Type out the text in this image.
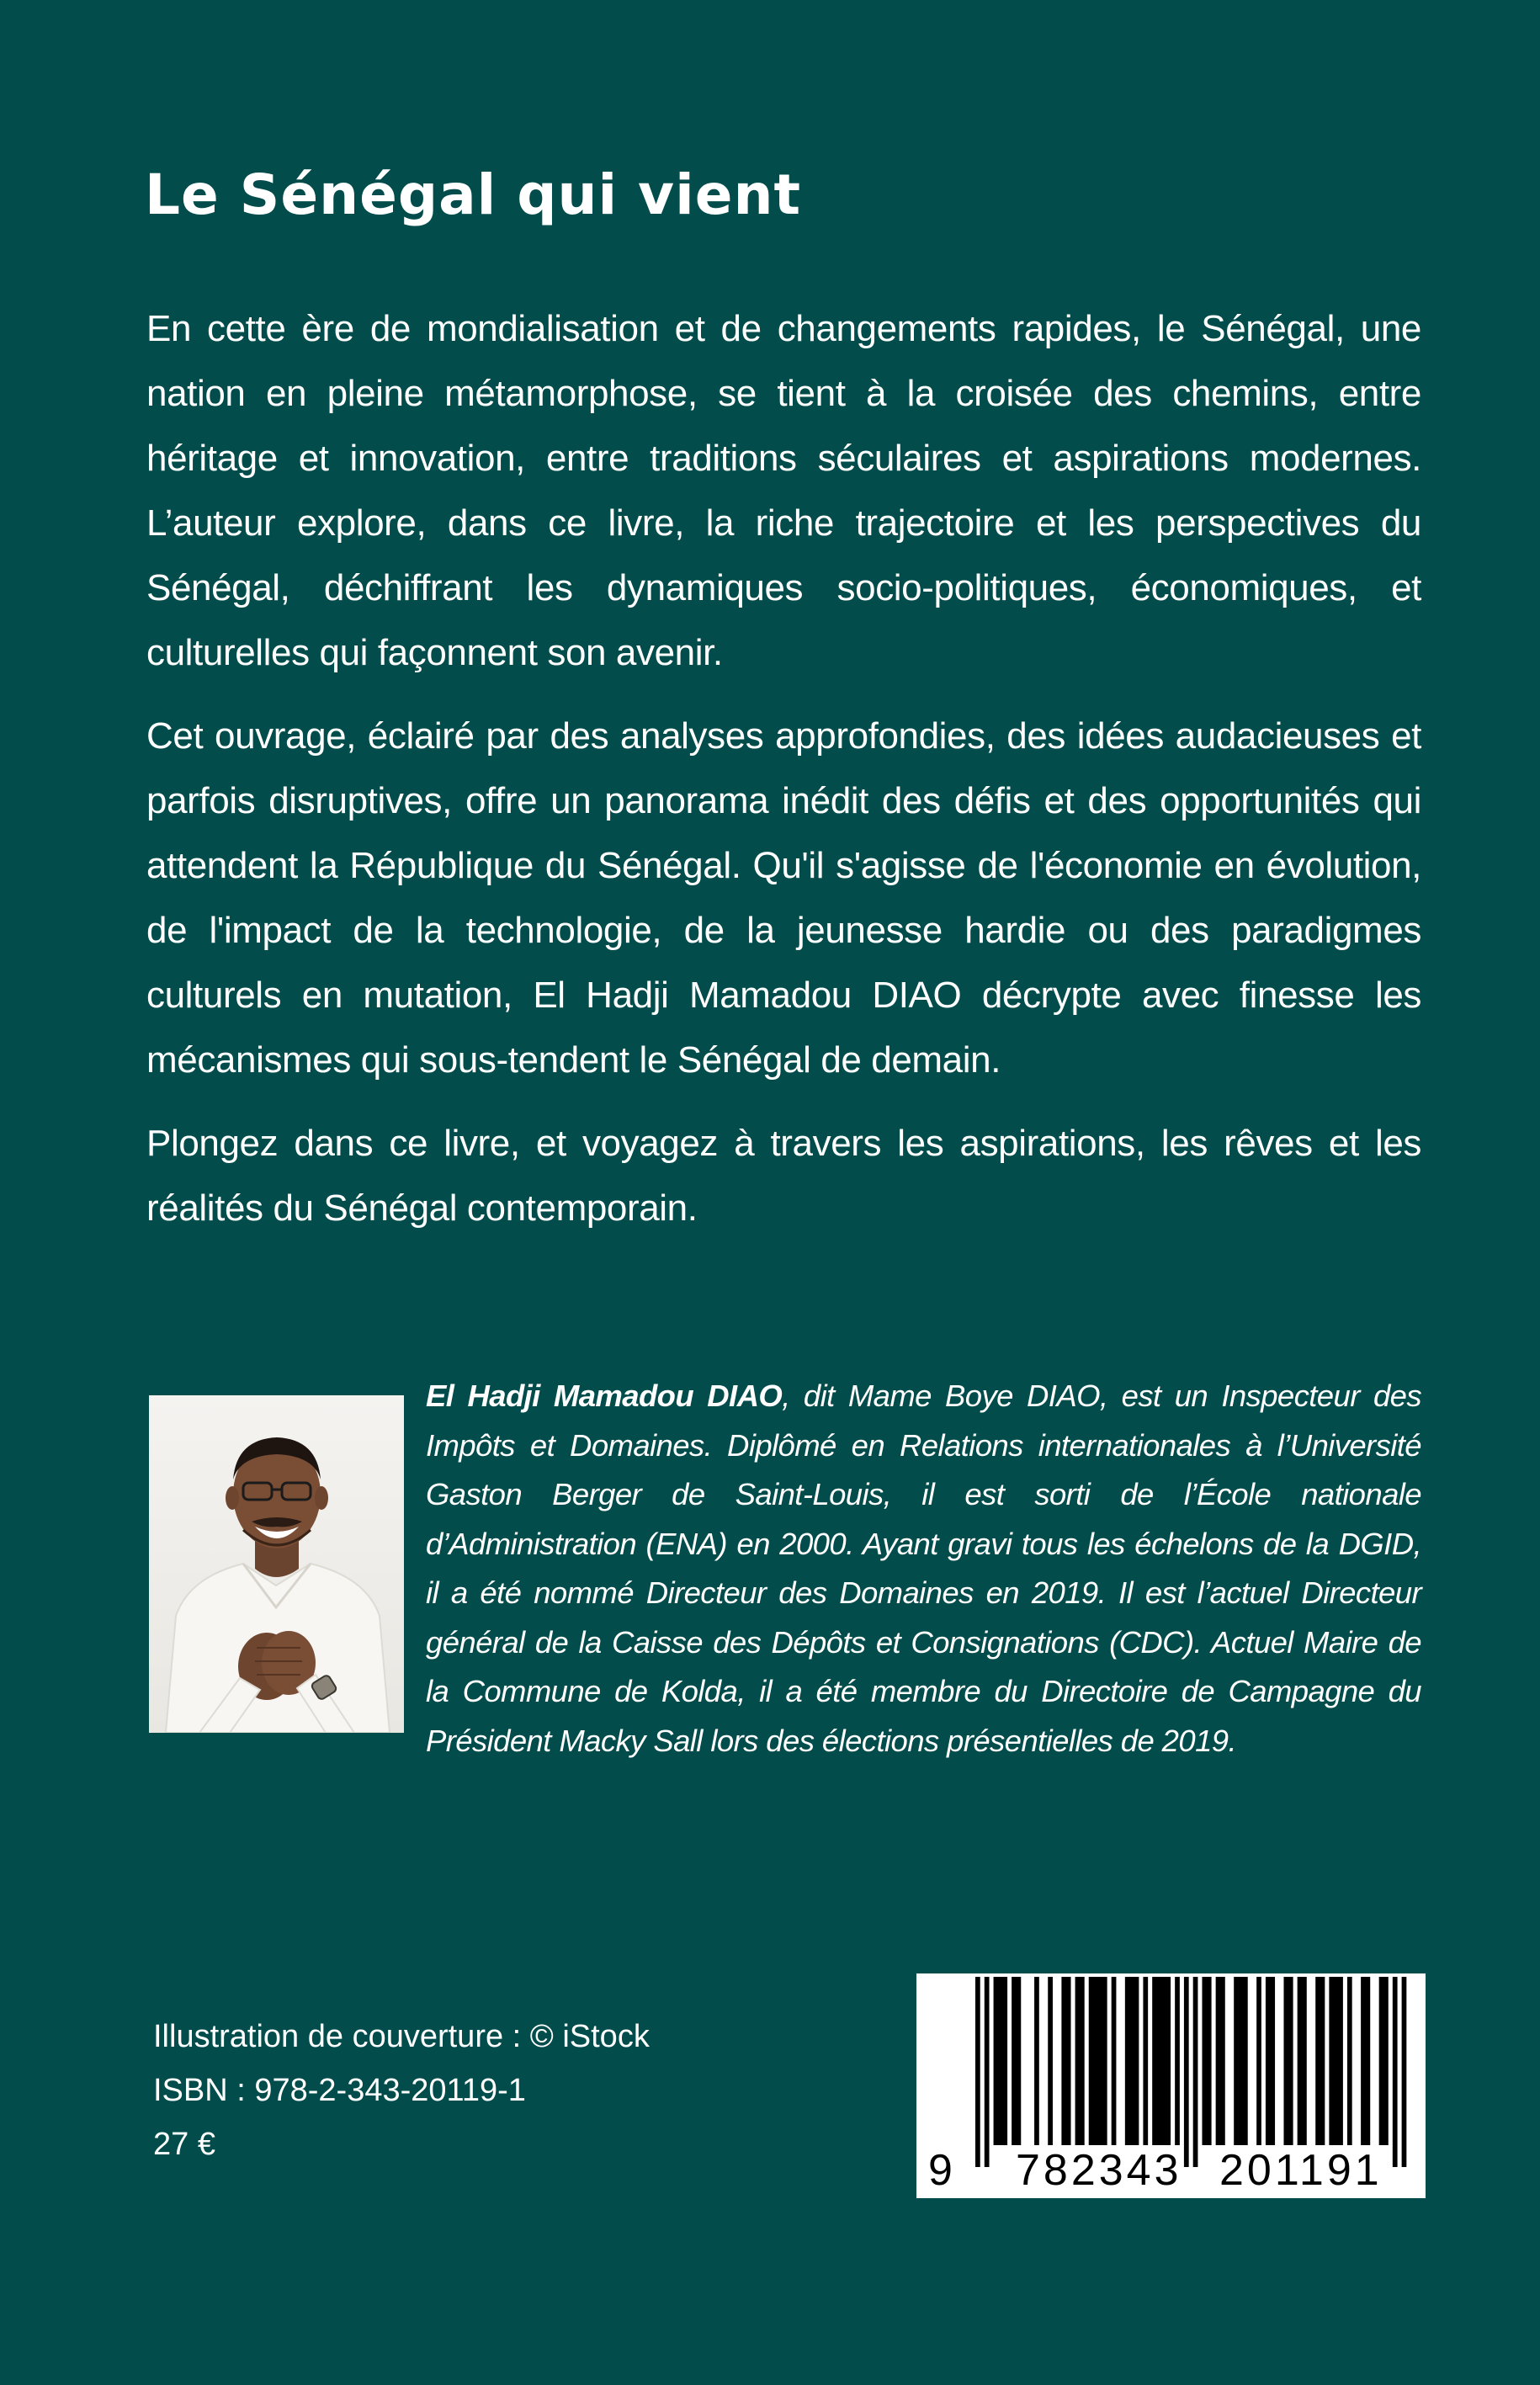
Le Sénégal qui vient

En cette ère de mondialisation et de changements rapides, le Sénégal, une nation en pleine métamorphose, se tient à la croisée des chemins, entre héritage et innovation, entre traditions séculaires et aspirations modernes. L’auteur explore, dans ce livre, la riche trajectoire et les perspectives du Sénégal, déchiffrant les dynamiques socio-politiques, économiques, et culturelles qui façonnent son avenir.

Cet ouvrage, éclairé par des analyses approfondies, des idées audacieuses et parfois disruptives, offre un panorama inédit des défis et des opportunités qui attendent la République du Sénégal. Qu'il s'agisse de l'économie en évolution, de l'impact de la technologie, de la jeunesse hardie ou des paradigmes culturels en mutation, El Hadji Mamadou DIAO décrypte avec finesse les mécanismes qui sous-tendent le Sénégal de demain.

Plongez dans ce livre, et voyagez à travers les aspirations, les rêves et les réalités du Sénégal contemporain.

El Hadji Mamadou DIAO, dit Mame Boye DIAO, est un Inspecteur des Impôts et Domaines. Diplômé en Relations internationales à l’Université Gaston Berger de Saint-Louis, il est sorti de l’École nationale d’Administration (ENA) en 2000. Ayant gravi tous les échelons de la DGID, il a été nommé Directeur des Domaines en 2019. Il est l’actuel Directeur général de la Caisse des Dépôts et Consignations (CDC). Actuel Maire de la Commune de Kolda, il a été membre du Directoire de Campagne du Président Macky Sall lors des élections présentielles de 2019.

Illustration de couverture : © iStock
ISBN : 978-2-343-20119-1
27 €
9 782343 201191
